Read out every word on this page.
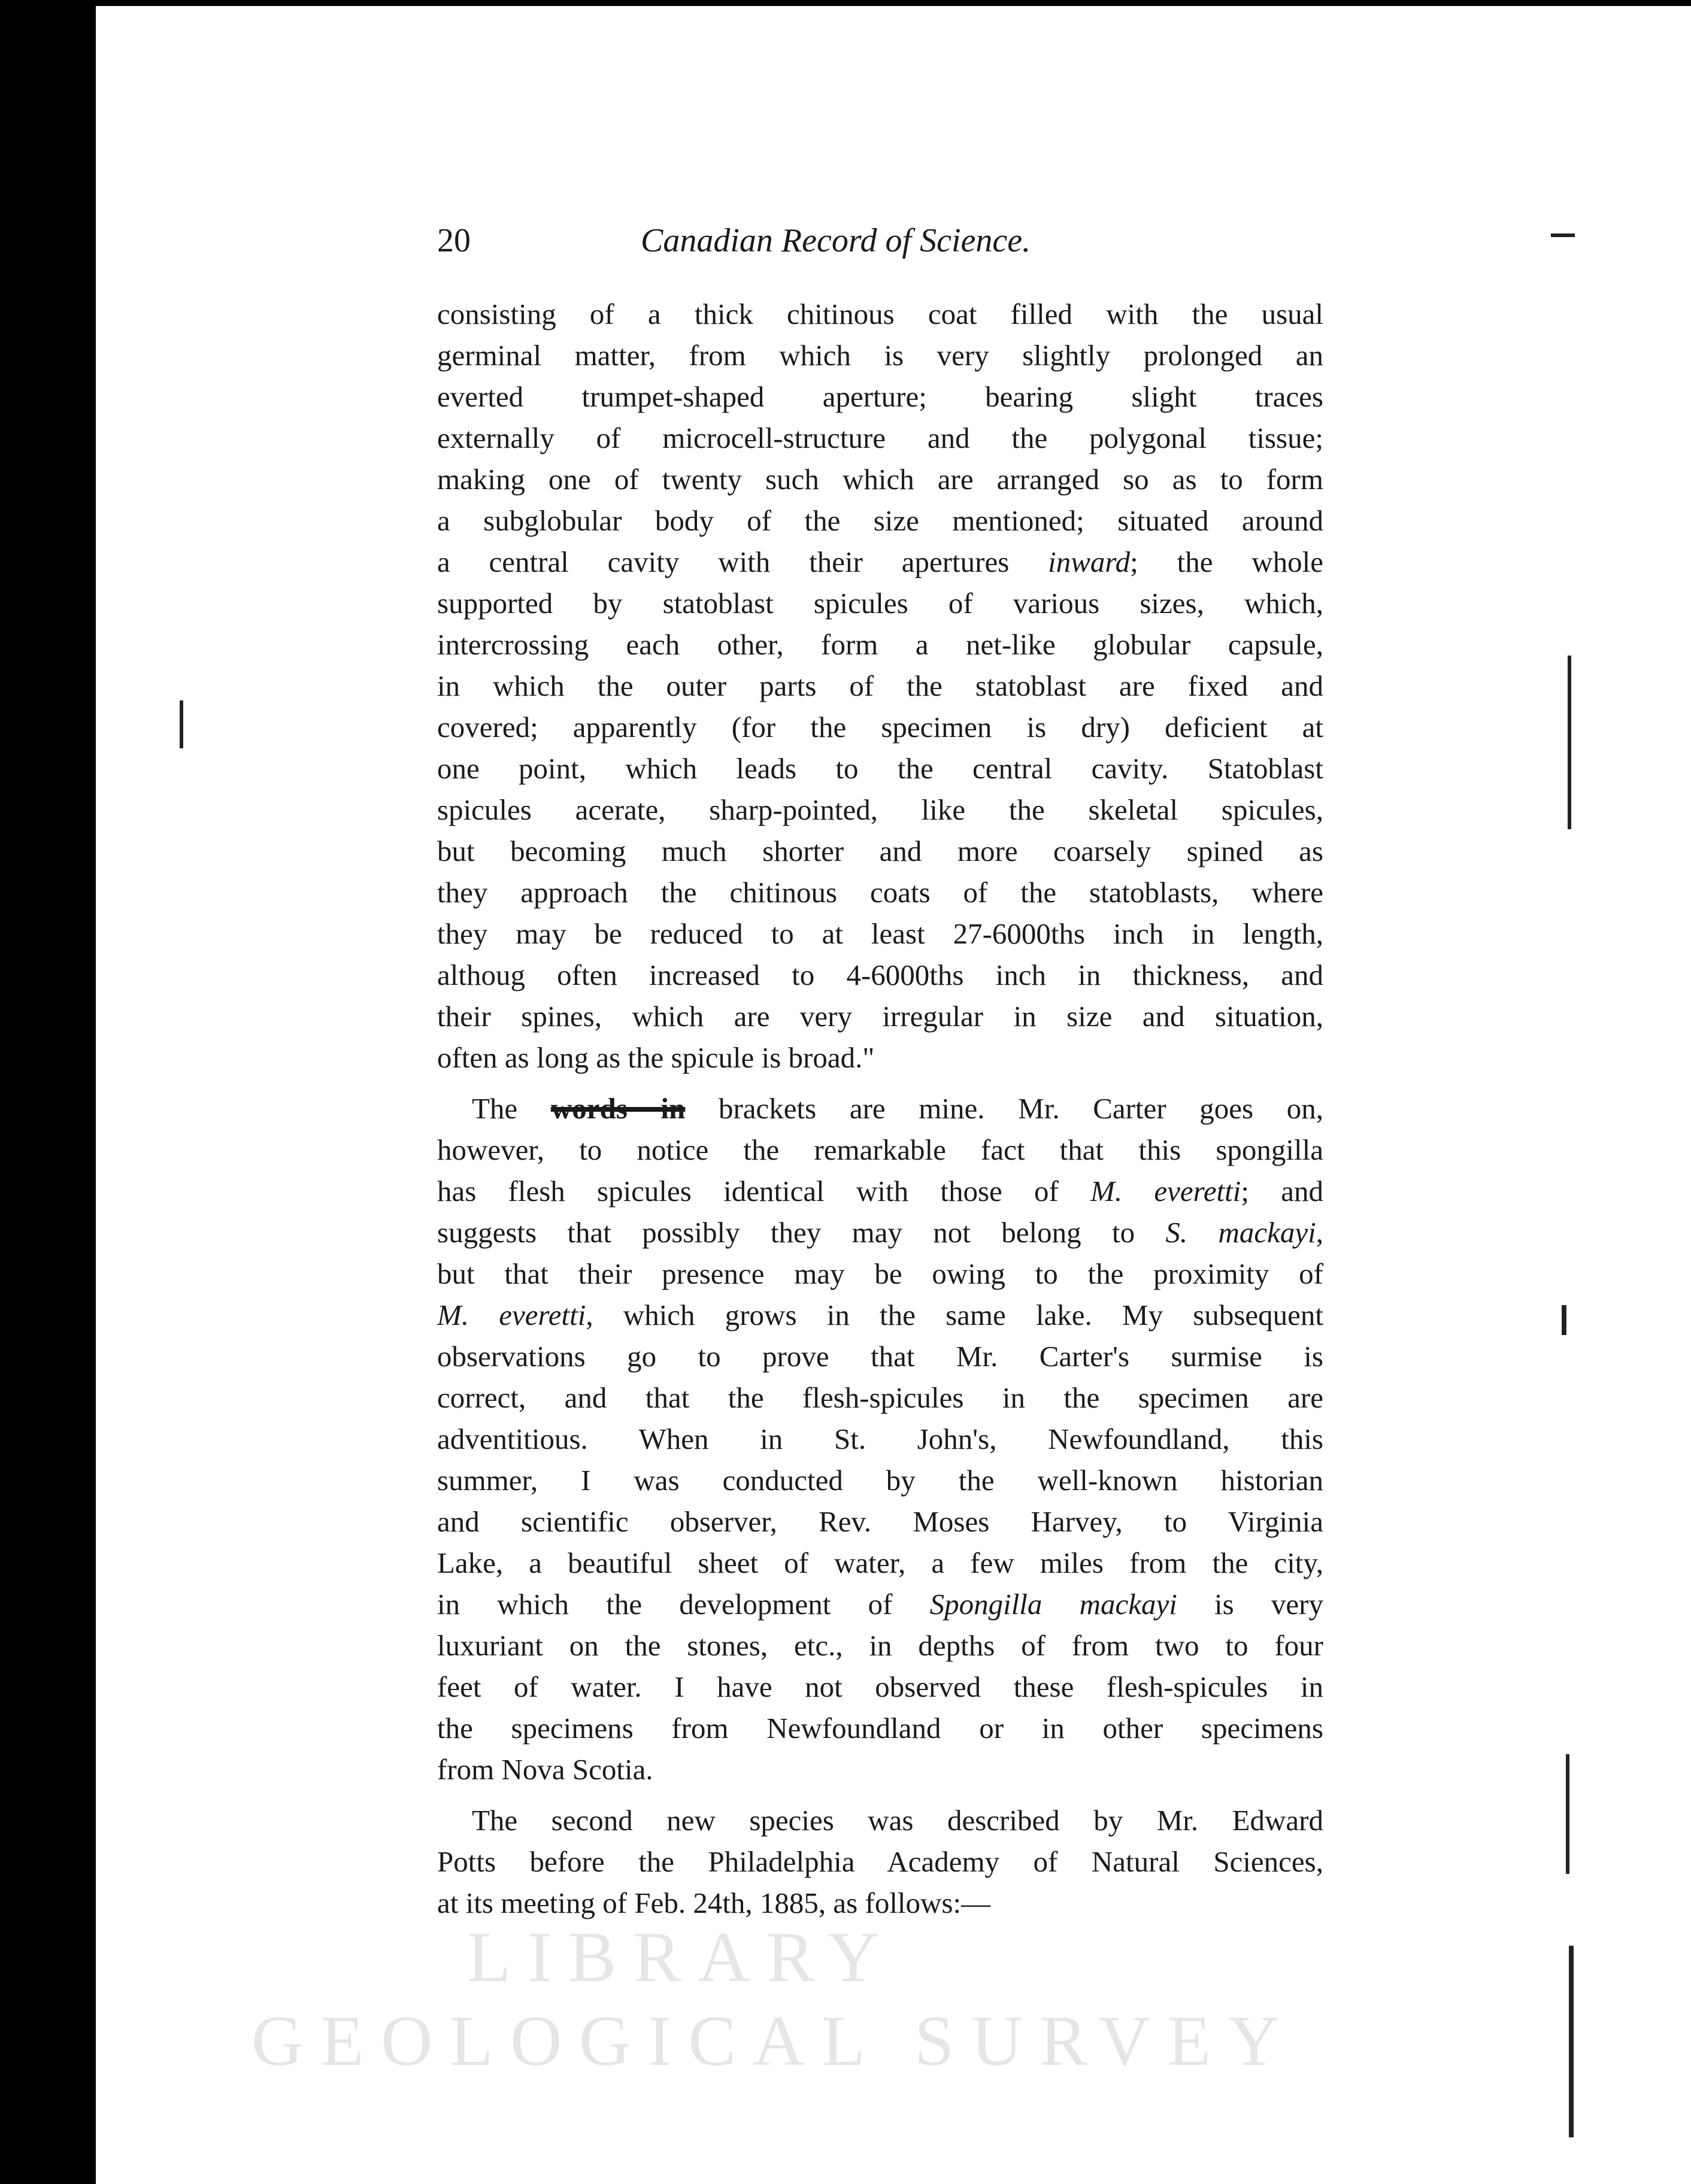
20	Canadian Record of Science.
consisting of a thick chitinous coat filled with the usual
germinal matter, from which is very slightly prolonged an
everted trumpet-shaped aperture; bearing slight traces
externally of microcell-structure and the polygonal tissue;
making one of twenty such which are arranged so as to form
a subglobular body of the size mentioned; situated around
a central cavity with their apertures inward; the whole
supported by statoblast spicules of various sizes, which,
intercrossing each other, form a net-like globular capsule,
in which the outer parts of the statoblast are fixed and
covered; apparently (for the specimen is dry) deficient at
one point, which leads to the central cavity. Statoblast
spicules acerate, sharp-pointed, like the skeletal spicules,
but becoming much shorter and more coarsely spined as
they approach the chitinous coats of the statoblasts, where
they may be reduced to at least 27-6000ths inch in length,
althoug often increased to 4-6000ths inch in thickness, and
their spines, which are very irregular in size and situation,
often as long as the spicule is broad."
The words in brackets are mine. Mr. Carter goes on,
however, to notice the remarkable fact that this spongilla
has flesh spicules identical with those of M. everetti; and
suggests that possibly they may not belong to S. mackayi,
but that their presence may be owing to the proximity of
M. everetti, which grows in the same lake. My subsequent
observations go to prove that Mr. Carter's surmise is
correct, and that the flesh-spicules in the specimen are
adventitious. When in St. John's, Newfoundland, this
summer, I was conducted by the well-known historian
and scientific observer, Rev. Moses Harvey, to Virginia
Lake, a beautiful sheet of water, a few miles from the city,
in which the development of Spongilla mackayi is very
luxuriant on the stones, etc., in depths of from two to four
feet of water. I have not observed these flesh-spicules in
the specimens from Newfoundland or in other specimens
from Nova Scotia.
The second new species was described by Mr. Edward
Potts before the Philadelphia Academy of Natural Sciences,
at its meeting of Feb. 24th, 1885, as follows:—
LIBRARY
GEOLOGICAL SURVEY
